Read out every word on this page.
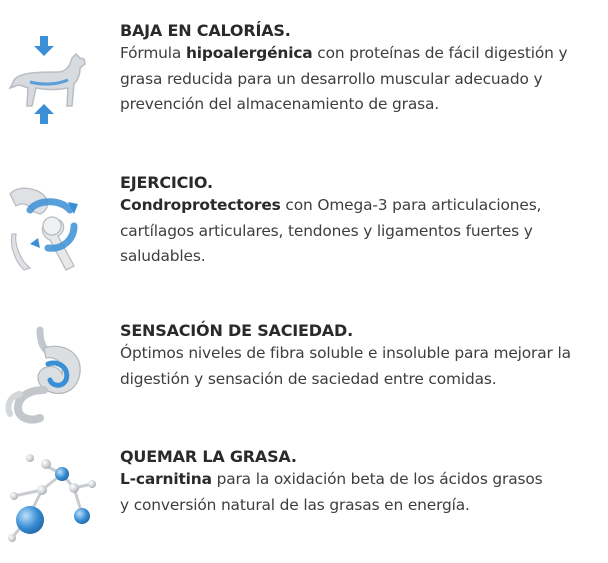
BAJA EN CALORÍAS.
Fórmula hipoalergénica con proteínas de fácil digestión y
grasa reducida para un desarrollo muscular adecuado y
prevención del almacenamiento de grasa.
EJERCICIO.
Condroprotectores con Omega-3 para articulaciones,
cartílagos articulares, tendones y ligamentos fuertes y
saludables.
SENSACIÓN DE SACIEDAD.
Óptimos niveles de fibra soluble e insoluble para mejorar la
digestión y sensación de saciedad entre comidas.
QUEMAR LA GRASA.
L-carnitina para la oxidación beta de los ácidos grasos
y conversión natural de las grasas en energía.
